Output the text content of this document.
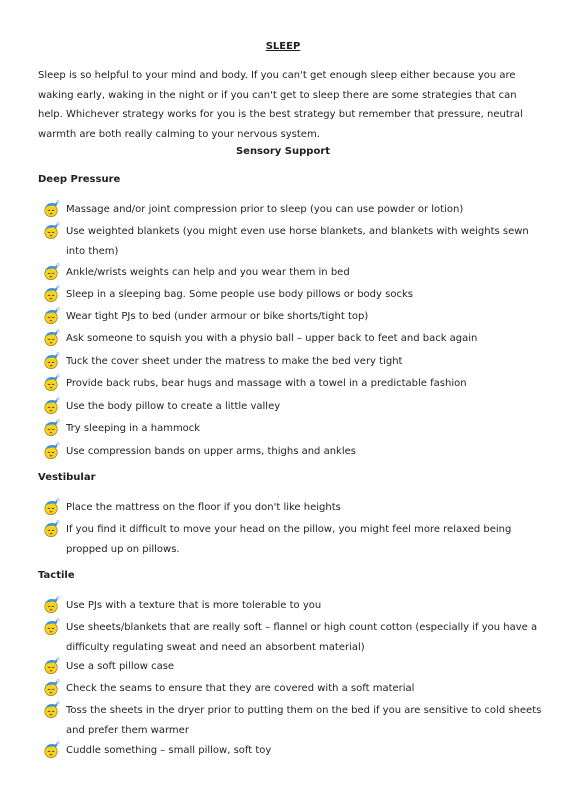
SLEEP
Sleep is so helpful to your mind and body. If you can't get enough sleep either because you are waking early, waking in the night or if you can't get to sleep there are some strategies that can help. Whichever strategy works for you is the best strategy but remember that pressure, neutral warmth are both really calming to your nervous system.
Sensory Support
Deep Pressure
Massage and/or joint compression prior to sleep (you can use powder or lotion)
Use weighted blankets (you might even use horse blankets, and blankets with weights sewn into them)
Ankle/wrists weights can help and you wear them in bed
Sleep in a sleeping bag. Some people use body pillows or body socks
Wear tight PJs to bed (under armour or bike shorts/tight top)
Ask someone to squish you with a physio ball – upper back to feet and back again
Tuck the cover sheet under the matress to make the bed very tight
Provide back rubs, bear hugs and massage with a towel in a predictable fashion
Use the body pillow to create a little valley
Try sleeping in a hammock
Use compression bands on upper arms, thighs and ankles
Vestibular
Place the mattress on the floor if you don't like heights
If you find it difficult to move your head on the pillow, you might feel more relaxed being propped up on pillows.
Tactile
Use PJs with a texture that is more tolerable to you
Use sheets/blankets that are really soft – flannel or high count cotton (especially if you have a difficulty regulating sweat and need an absorbent material)
Use a soft pillow case
Check the seams to ensure that they are covered with a soft material
Toss the sheets in the dryer prior to putting them on the bed if you are sensitive to cold sheets and prefer them warmer
Cuddle something – small pillow, soft toy
